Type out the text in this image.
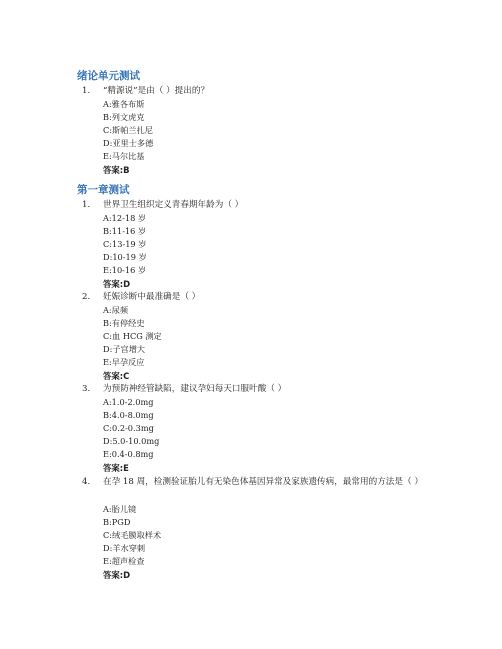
绪论单元测试
1. “精源说”是由（ ）提出的？
A:雅各布斯
B:列文虎克
C:斯帕兰扎尼
D:亚里士多德
E:马尔比基
答案:B
第一章测试
1. 世界卫生组织定义青春期年龄为（ ）
A:12-18 岁
B:11-16 岁
C:13-19 岁
D:10-19 岁
E:10-16 岁
答案:D
2. 妊娠诊断中最准确是（ ）
A:尿频
B:有停经史
C:血 HCG 测定
D:子宫增大
E:早孕反应
答案:C
3. 为预防神经管缺陷，建议孕妇每天口服叶酸（ ）
A:1.0-2.0mg
B:4.0-8.0mg
C:0.2-0.3mg
D:5.0-10.0mg
E:0.4-0.8mg
答案:E
4. 在孕 18 周，检测验证胎儿有无染色体基因异常及家族遗传病，最常用的方法是（ ）
A:胎儿镜
B:PGD
C:绒毛膜取样术
D:羊水穿刺
E:超声检查
答案:D
